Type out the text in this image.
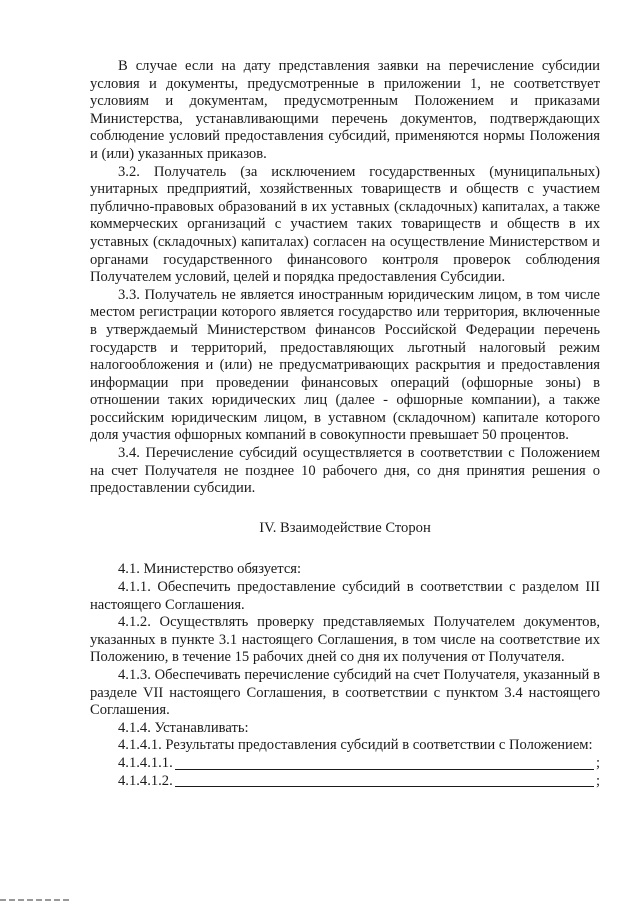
В случае если на дату представления заявки на перечисление субсидии условия и документы, предусмотренные в приложении 1, не соответствует условиям и документам, предусмотренным Положением и приказами Министерства, устанавливающими перечень документов, подтверждающих соблюдение условий предоставления субсидий, применяются нормы Положения и (или) указанных приказов.

3.2. Получатель (за исключением государственных (муниципальных) унитарных предприятий, хозяйственных товариществ и обществ с участием публично-правовых образований в их уставных (складочных) капиталах, а также коммерческих организаций с участием таких товариществ и обществ в их уставных (складочных) капиталах) согласен на осуществление Министерством и органами государственного финансового контроля проверок соблюдения Получателем условий, целей и порядка предоставления Субсидии.

3.3. Получатель не является иностранным юридическим лицом, в том числе местом регистрации которого является государство или территория, включенные в утверждаемый Министерством финансов Российской Федерации перечень государств и территорий, предоставляющих льготный налоговый режим налогообложения и (или) не предусматривающих раскрытия и предоставления информации при проведении финансовых операций (офшорные зоны) в отношении таких юридических лиц (далее - офшорные компании), а также российским юридическим лицом, в уставном (складочном) капитале которого доля участия офшорных компаний в совокупности превышает 50 процентов.

3.4. Перечисление субсидий осуществляется в соответствии с Положением на счет Получателя не позднее 10 рабочего дня, со дня принятия решения о предоставлении субсидии.

IV. Взаимодействие Сторон

4.1. Министерство обязуется:

4.1.1. Обеспечить предоставление субсидий в соответствии с разделом III настоящего Соглашения.

4.1.2. Осуществлять проверку представляемых Получателем документов, указанных в пункте 3.1 настоящего Соглашения, в том числе на соответствие их Положению, в течение 15 рабочих дней со дня их получения от Получателя.

4.1.3. Обеспечивать перечисление субсидий на счет Получателя, указанный в разделе VII настоящего Соглашения, в соответствии с пунктом 3.4 настоящего Соглашения.

4.1.4. Устанавливать:

4.1.4.1. Результаты предоставления субсидий в соответствии с Положением:

4.1.4.1.1.	;
4.1.4.1.2.	;
